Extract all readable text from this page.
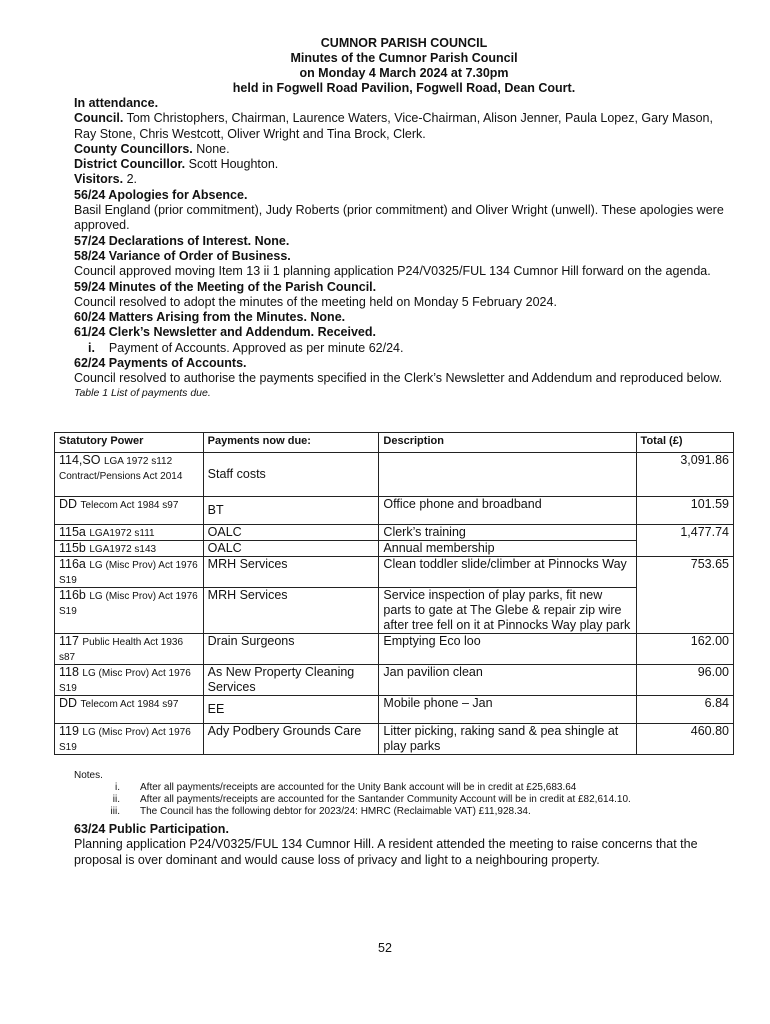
CUMNOR PARISH COUNCIL
Minutes of the Cumnor Parish Council
on Monday 4 March 2024 at 7.30pm
held in Fogwell Road Pavilion, Fogwell Road, Dean Court.

In attendance.

Council. Tom Christophers, Chairman, Laurence Waters, Vice-Chairman, Alison Jenner, Paula Lopez, Gary Mason, Ray Stone, Chris Westcott, Oliver Wright and Tina Brock, Clerk.

County Councillors. None.

District Councillor. Scott Houghton.

Visitors. 2.

56/24 Apologies for Absence.

Basil England (prior commitment), Judy Roberts (prior commitment) and Oliver Wright (unwell). These apologies were approved.

57/24 Declarations of Interest. None.

58/24 Variance of Order of Business.

Council approved moving Item 13 ii 1 planning application P24/V0325/FUL 134 Cumnor Hill forward on the agenda.

59/24 Minutes of the Meeting of the Parish Council.

Council resolved to adopt the minutes of the meeting held on Monday 5 February 2024.

60/24 Matters Arising from the Minutes. None.

61/24 Clerk’s Newsletter and Addendum. Received.

i. Payment of Accounts. Approved as per minute 62/24.

62/24 Payments of Accounts.

Council resolved to authorise the payments specified in the Clerk’s Newsletter and Addendum and reproduced below.

Table 1 List of payments due.

Statutory Power	Payments now due:	Description	Total (£)
114,SO LGA 1972 s112 Contract/Pensions Act 2014	Staff costs		3,091.86
DD Telecom Act 1984 s97	BT	Office phone and broadband	101.59
115a LGA1972 s111	OALC	Clerk’s training	1,477.74
115b LGA1972 s143	OALC	Annual membership	
116a LG (Misc Prov) Act 1976 S19	MRH Services	Clean toddler slide/climber at Pinnocks Way	753.65
116b LG (Misc Prov) Act 1976 S19	MRH Services	Service inspection of play parks, fit new parts to gate at The Glebe & repair zip wire after tree fell on it at Pinnocks Way play park	
117 Public Health Act 1936 s87	Drain Surgeons	Emptying Eco loo	162.00
118 LG (Misc Prov) Act 1976 S19	As New Property Cleaning Services	Jan pavilion clean	96.00
DD Telecom Act 1984 s97	EE	Mobile phone – Jan	6.84
119 LG (Misc Prov) Act 1976 S19	Ady Podbery Grounds Care	Litter picking, raking sand & pea shingle at play parks	460.80
Notes.
i.	After all payments/receipts are accounted for the Unity Bank account will be in credit at £25,683.64
ii.	After all payments/receipts are accounted for the Santander Community Account will be in credit at £82,614.10.
iii.	The Council has the following debtor for 2023/24: HMRC (Reclaimable VAT) £11,928.34.

63/24 Public Participation.

Planning application P24/V0325/FUL 134 Cumnor Hill. A resident attended the meeting to raise concerns that the proposal is over dominant and would cause loss of privacy and light to a neighbouring property.

52
